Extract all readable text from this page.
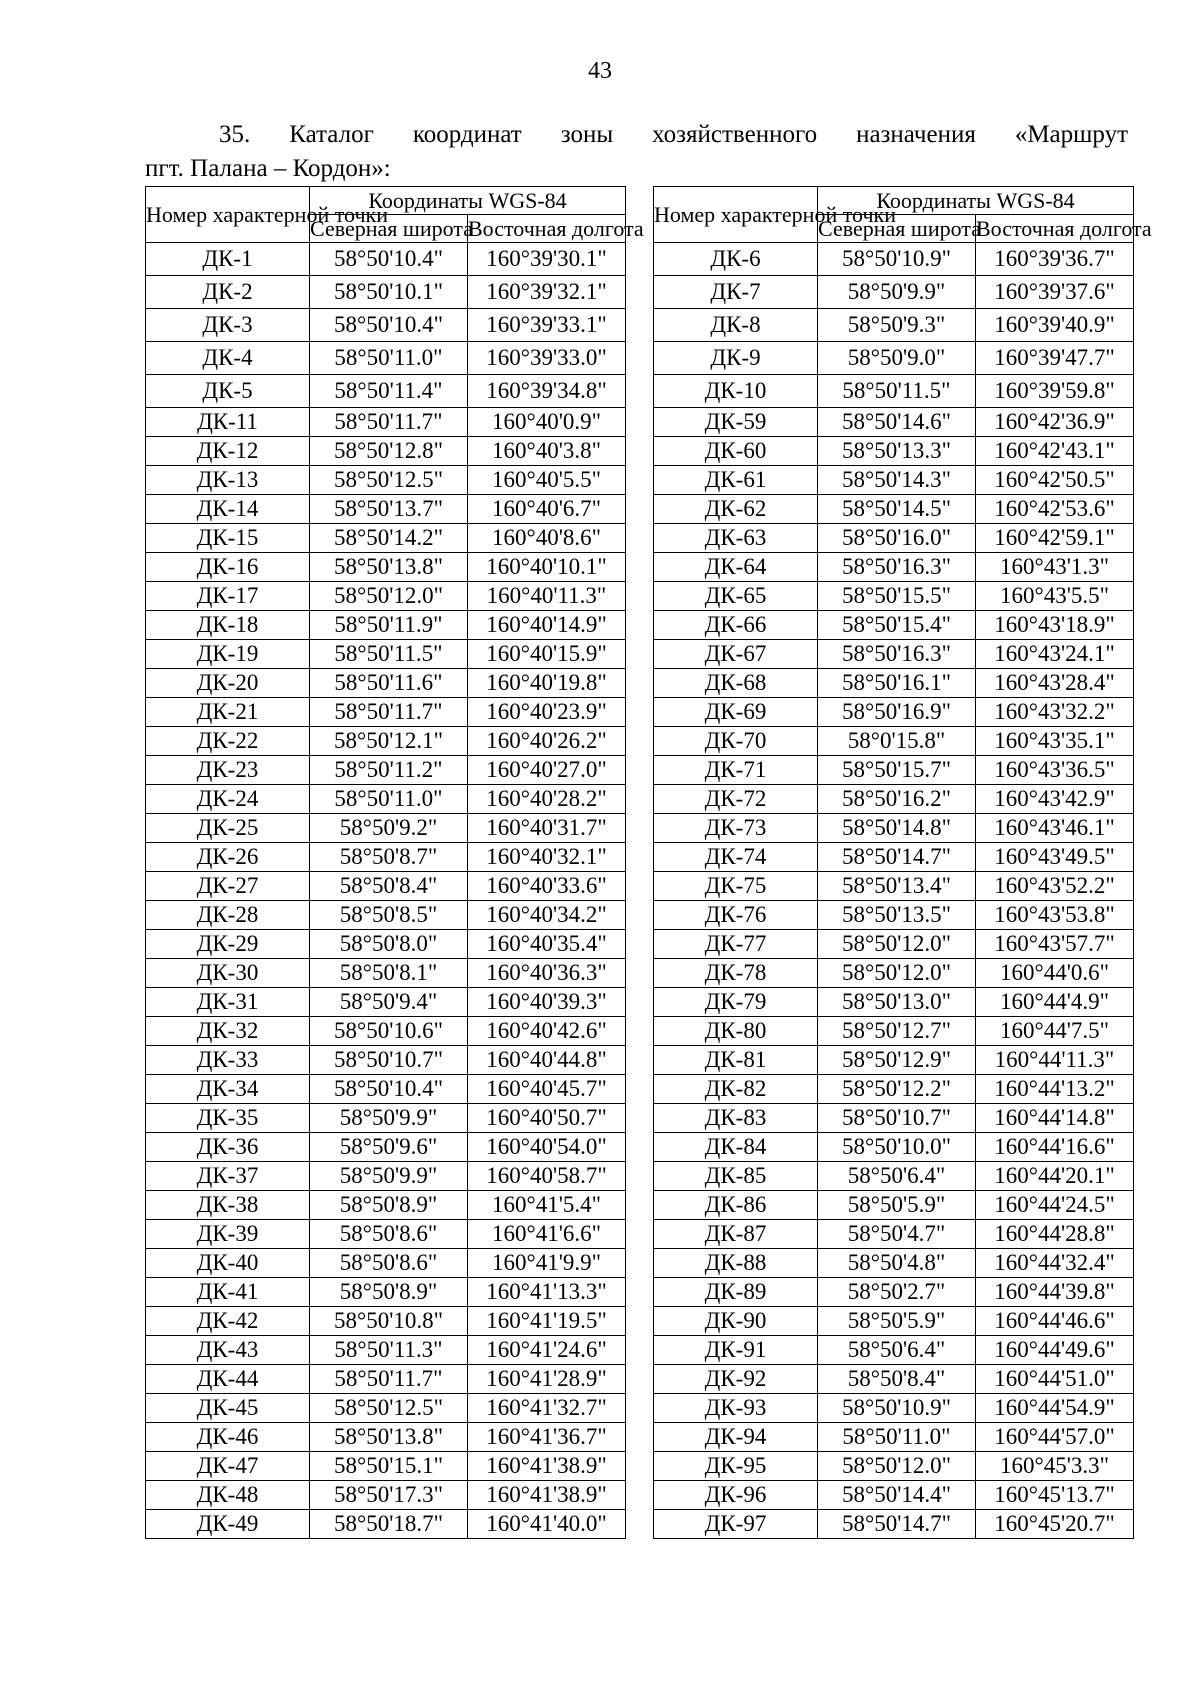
43
35. Каталог координат зоны хозяйственного назначения «Маршрут
пгт. Палана – Кордон»:
Номер характерной точки	Координаты WGS-84	
	Северная широта	Восточная долгота
ДК-1	58°50'10.4"	160°39'30.1"
ДК-2	58°50'10.1"	160°39'32.1"
ДК-3	58°50'10.4"	160°39'33.1"
ДК-4	58°50'11.0"	160°39'33.0"
ДК-5	58°50'11.4"	160°39'34.8"
ДК-11	58°50'11.7"	160°40'0.9"
ДК-12	58°50'12.8"	160°40'3.8"
ДК-13	58°50'12.5"	160°40'5.5"
ДК-14	58°50'13.7"	160°40'6.7"
ДК-15	58°50'14.2"	160°40'8.6"
ДК-16	58°50'13.8"	160°40'10.1"
ДК-17	58°50'12.0"	160°40'11.3"
ДК-18	58°50'11.9"	160°40'14.9"
ДК-19	58°50'11.5"	160°40'15.9"
ДК-20	58°50'11.6"	160°40'19.8"
ДК-21	58°50'11.7"	160°40'23.9"
ДК-22	58°50'12.1"	160°40'26.2"
ДК-23	58°50'11.2"	160°40'27.0"
ДК-24	58°50'11.0"	160°40'28.2"
ДК-25	58°50'9.2"	160°40'31.7"
ДК-26	58°50'8.7"	160°40'32.1"
ДК-27	58°50'8.4"	160°40'33.6"
ДК-28	58°50'8.5"	160°40'34.2"
ДК-29	58°50'8.0"	160°40'35.4"
ДК-30	58°50'8.1"	160°40'36.3"
ДК-31	58°50'9.4"	160°40'39.3"
ДК-32	58°50'10.6"	160°40'42.6"
ДК-33	58°50'10.7"	160°40'44.8"
ДК-34	58°50'10.4"	160°40'45.7"
ДК-35	58°50'9.9"	160°40'50.7"
ДК-36	58°50'9.6"	160°40'54.0"
ДК-37	58°50'9.9"	160°40'58.7"
ДК-38	58°50'8.9"	160°41'5.4"
ДК-39	58°50'8.6"	160°41'6.6"
ДК-40	58°50'8.6"	160°41'9.9"
ДК-41	58°50'8.9"	160°41'13.3"
ДК-42	58°50'10.8"	160°41'19.5"
ДК-43	58°50'11.3"	160°41'24.6"
ДК-44	58°50'11.7"	160°41'28.9"
ДК-45	58°50'12.5"	160°41'32.7"
ДК-46	58°50'13.8"	160°41'36.7"
ДК-47	58°50'15.1"	160°41'38.9"
ДК-48	58°50'17.3"	160°41'38.9"
ДК-49	58°50'18.7"	160°41'40.0"
Номер характерной точки	Координаты WGS-84	
	Северная широта	Восточная долгота
ДК-6	58°50'10.9"	160°39'36.7"
ДК-7	58°50'9.9"	160°39'37.6"
ДК-8	58°50'9.3"	160°39'40.9"
ДК-9	58°50'9.0"	160°39'47.7"
ДК-10	58°50'11.5"	160°39'59.8"
ДК-59	58°50'14.6"	160°42'36.9"
ДК-60	58°50'13.3"	160°42'43.1"
ДК-61	58°50'14.3"	160°42'50.5"
ДК-62	58°50'14.5"	160°42'53.6"
ДК-63	58°50'16.0"	160°42'59.1"
ДК-64	58°50'16.3"	160°43'1.3"
ДК-65	58°50'15.5"	160°43'5.5"
ДК-66	58°50'15.4"	160°43'18.9"
ДК-67	58°50'16.3"	160°43'24.1"
ДК-68	58°50'16.1"	160°43'28.4"
ДК-69	58°50'16.9"	160°43'32.2"
ДК-70	58°0'15.8"	160°43'35.1"
ДК-71	58°50'15.7"	160°43'36.5"
ДК-72	58°50'16.2"	160°43'42.9"
ДК-73	58°50'14.8"	160°43'46.1"
ДК-74	58°50'14.7"	160°43'49.5"
ДК-75	58°50'13.4"	160°43'52.2"
ДК-76	58°50'13.5"	160°43'53.8"
ДК-77	58°50'12.0"	160°43'57.7"
ДК-78	58°50'12.0"	160°44'0.6"
ДК-79	58°50'13.0"	160°44'4.9"
ДК-80	58°50'12.7"	160°44'7.5"
ДК-81	58°50'12.9"	160°44'11.3"
ДК-82	58°50'12.2"	160°44'13.2"
ДК-83	58°50'10.7"	160°44'14.8"
ДК-84	58°50'10.0"	160°44'16.6"
ДК-85	58°50'6.4"	160°44'20.1"
ДК-86	58°50'5.9"	160°44'24.5"
ДК-87	58°50'4.7"	160°44'28.8"
ДК-88	58°50'4.8"	160°44'32.4"
ДК-89	58°50'2.7"	160°44'39.8"
ДК-90	58°50'5.9"	160°44'46.6"
ДК-91	58°50'6.4"	160°44'49.6"
ДК-92	58°50'8.4"	160°44'51.0"
ДК-93	58°50'10.9"	160°44'54.9"
ДК-94	58°50'11.0"	160°44'57.0"
ДК-95	58°50'12.0"	160°45'3.3"
ДК-96	58°50'14.4"	160°45'13.7"
ДК-97	58°50'14.7"	160°45'20.7"
